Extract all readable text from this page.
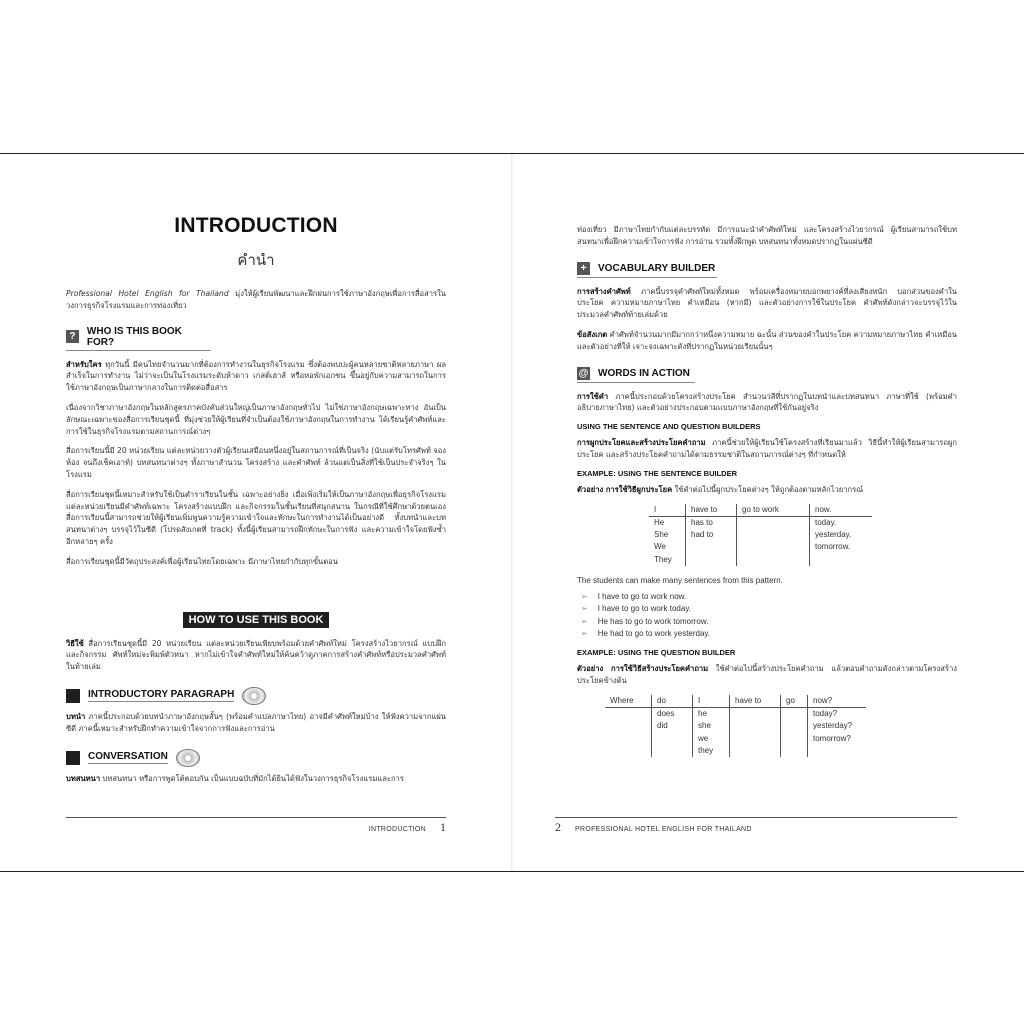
INTRODUCTION
คำนำ

Professional Hotel English for Thailand มุ่งให้ผู้เรียนพัฒนาและฝึกฝนการใช้ภาษาอังกฤษเพื่อการสื่อสารในวงการธุรกิจโรงแรมและการท่องเที่ยว

?	WHO IS THIS BOOK FOR?

สำหรับใคร ทุกวันนี้ มีคนไทยจำนวนมากที่ต้องการทำงานในธุรกิจโรงแรม ซึ่งต้องพบปะผู้คนหลายชาติหลายภาษา ผลสำเร็จในการทำงาน ไม่ว่าจะเป็นในโรงแรมระดับห้าดาว เกสต์เฮาส์ หรือหอพักเอกชน ขึ้นอยู่กับความสามารถในการใช้ภาษาอังกฤษเป็นภาษากลางในการติดต่อสื่อสาร

เนื่องจากวิชาภาษาอังกฤษในหลักสูตรภาคบังคับส่วนใหญ่เป็นภาษาอังกฤษทั่วไป ไม่ใช่ภาษาอังกฤษเฉพาะทาง อันเป็นลักษณะเฉพาะของสื่อการเรียนชุดนี้ ที่มุ่งช่วยให้ผู้เรียนที่จำเป็นต้องใช้ภาษาอังกฤษในการทำงาน ได้เรียนรู้คำศัพท์และการใช้ในธุรกิจโรงแรมตามสถานการณ์ต่างๆ

สื่อการเรียนนี้มี 20 หน่วยเรียน แต่ละหน่วยวางตัวผู้เรียนเสมือนหนึ่งอยู่ในสถานการณ์ที่เป็นจริง (นับแต่รับโทรศัพท์ จองห้อง จนถึงเช็คเอาท์) บทสนทนาต่างๆ ทั้งภาษาสำนวน โครงสร้าง และคำศัพท์ ล้วนแต่เป็นสิ่งที่ใช้เป็นประจำจริงๆ ในโรงแรม

สื่อการเรียนชุดนี้เหมาะสำหรับใช้เป็นตำราเรียนในชั้น เฉพาะอย่างยิ่ง เมื่อเพิ่งเริ่มให้เป็นภาษาอังกฤษเพื่อธุรกิจโรงแรม แต่ละหน่วยเรียนมีคำศัพท์เฉพาะ โครงสร้างแบบฝึก และกิจกรรมในชั้นเรียนที่สนุกสนาน ในกรณีที่ใช้ศึกษาด้วยตนเอง สื่อการเรียนนี้สามารถช่วยให้ผู้เรียนเพิ่มพูนความรู้ความเข้าใจและทักษะในการทำงานได้เป็นอย่างดี ทั้งบทนำและบทสนทนาต่างๆ บรรจุไว้ในซีดี (โปรดสังเกตที่ track) ทั้งนี้ผู้เรียนสามารถฝึกทักษะในการฟัง และความเข้าใจโดยฟังซ้ำอีกหลายๆ ครั้ง

สื่อการเรียนชุดนี้มีวัตถุประสงค์เพื่อผู้เรียนไทยโดยเฉพาะ มีภาษาไทยกำกับทุกขั้นตอน

HOW TO USE THIS BOOK

วิธีใช้ สื่อการเรียนชุดนี้มี 20 หน่วยเรียน แต่ละหน่วยเรียนเพียบพร้อมด้วยคำศัพท์ใหม่ โครงสร้างไวยากรณ์ แบบฝึกและกิจกรรม ศัพท์ใหม่จะพิมพ์ตัวหนา หากไม่เข้าใจคำศัพท์ใหม่ให้ค้นคว้าดูภาคการสร้างคำศัพท์หรือประมวลคำศัพท์ในท้ายเล่ม

INTRODUCTORY PARAGRAPH

บทนำ ภาคนี้ประกอบด้วยบทนำภาษาอังกฤษสั้นๆ (พร้อมคำแปลภาษาไทย) อาจมีคำศัพท์ใหม่บ้าง ให้ฟังความจากแผ่นซีดี ภาคนี้เหมาะสำหรับฝึกทำความเข้าใจจากการฟังและการอ่าน

CONVERSATION

บทสนทนา บทสนทนา หรือการพูดโต้ตอบกัน เป็นแบบฉบับที่มักได้ยินได้ฟังในวงการธุรกิจโรงแรมและการ

INTRODUCTION 1

ท่องเที่ยว มีภาษาไทยกำกับแต่ละบรรทัด มีการแนะนำคำศัพท์ใหม่ และโครงสร้างไวยากรณ์ ผู้เรียนสามารถใช้บทสนทนาเพื่อฝึกความเข้าใจการฟัง การอ่าน รวมทั้งฝึกพูด บทสนทนาทั้งหมดปรากฏในแผ่นซีดี

+	VOCABULARY BUILDER

การสร้างคำศัพท์ ภาคนี้บรรจุคำศัพท์ใหม่ทั้งหมด พร้อมเครื่องหมายบอกพยางค์ที่ลงเสียงหนัก บอกส่วนของคำในประโยค ความหมายภาษาไทย คำเหมือน (หากมี) และตัวอย่างการใช้ในประโยค คำศัพท์ดังกล่าวจะบรรจุไว้ในประมวลคำศัพท์ท้ายเล่มด้วย

ข้อสังเกต คำศัพท์จำนวนมากมีมากกว่าหนึ่งความหมาย ฉะนั้น ส่วนของคำในประโยค ความหมายภาษาไทย คำเหมือน และตัวอย่างที่ให้ เจาะจงเฉพาะดังที่ปรากฏในหน่วยเรียนนั้นๆ

@ WORDS IN ACTION

การใช้คำ ภาคนี้ประกอบด้วยโครงสร้างประโยค สำนวนวลีที่ปรากฏในบทนำและบทสนทนา ภาษาที่ใช้ (พร้อมคำอธิบายภาษาไทย) และตัวอย่างประกอบตามแบบภาษาอังกฤษที่ใช้กันอยู่จริง

USING THE SENTENCE AND QUESTION BUILDERS

การผูกประโยคและสร้างประโยคคำถาม ภาคนี้ช่วยให้ผู้เรียนใช้โครงสร้างที่เรียนมาแล้ว วิธีนี้ทำให้ผู้เรียนสามารถผูกประโยค และสร้างประโยคคำถามได้ตามธรรมชาติในสถานการณ์ต่างๆ ที่กำหนดให้

EXAMPLE: USING THE SENTENCE BUILDER

ตัวอย่าง การใช้วิธีผูกประโยค ใช้คำต่อไปนี้ผูกประโยคต่างๆ ให้ถูกต้องตามหลักไวยากรณ์

I	have to	go to work	now.
He	has to		today.
She	had to		yesterday.
We			tomorrow.
They			
The students can make many sentences from this pattern.
➢ I have to go to work now.
➢ I have to go to work today.
➢ He has to go to work tomorrow.
➢ He had to go to work yesterday.
EXAMPLE: USING THE QUESTION BUILDER

ตัวอย่าง การใช้วิธีสร้างประโยคคำถาม ใช้คำต่อไปนี้สร้างประโยคคำถาม แล้วตอบคำถามดังกล่าวตามโครงสร้างประโยคข้างต้น

Where	do	I	have to	go	now?
	does	he			today?
	did	she			yesterday?
		we			tomorrow?
		they			
2 PROFESSIONAL HOTEL ENGLISH FOR THAILAND
